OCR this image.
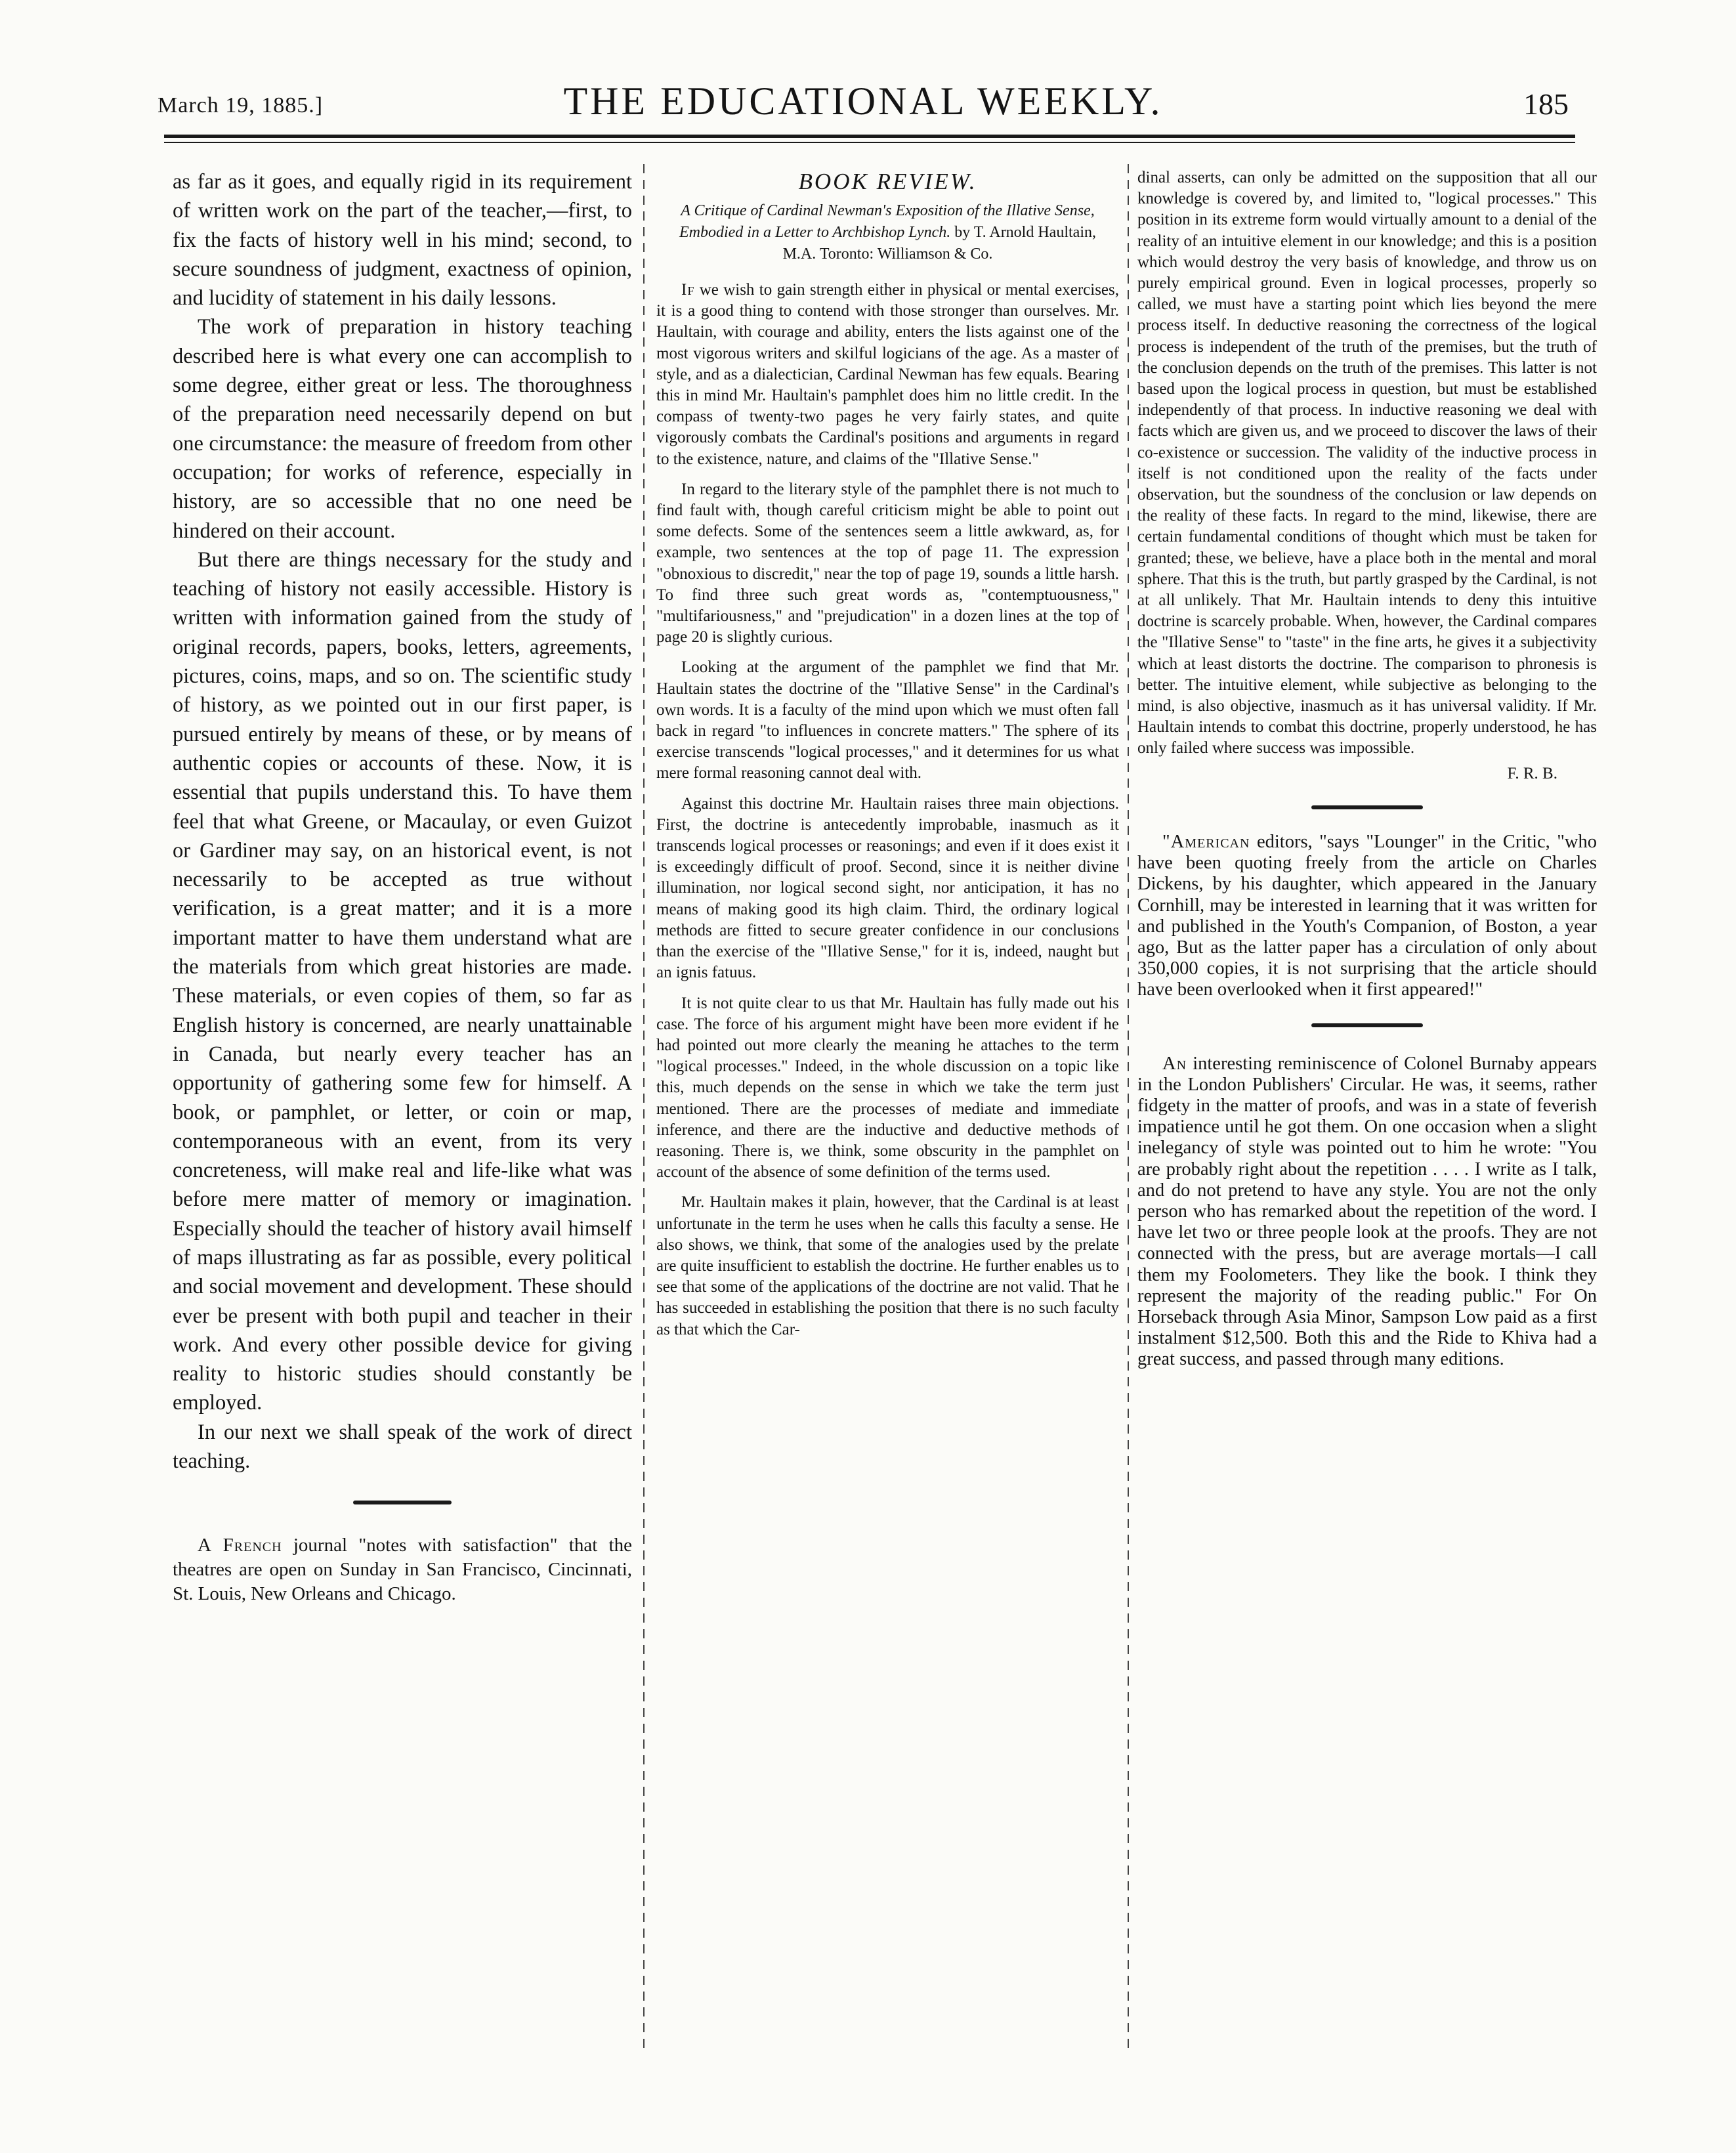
March 19, 1885.]	THE EDUCATIONAL WEEKLY.	185

as far as it goes, and equally rigid in its requirement of written work on the part of the teacher,—first, to fix the facts of history well in his mind; second, to secure soundness of judgment, exactness of opinion, and lucidity of statement in his daily lessons.

The work of preparation in history teaching described here is what every one can accomplish to some degree, either great or less. The thoroughness of the preparation need necessarily depend on but one circumstance: the measure of freedom from other occupation; for works of reference, especially in history, are so accessible that no one need be hindered on their account.

But there are things necessary for the study and teaching of history not easily accessible. History is written with information gained from the study of original records, papers, books, letters, agreements, pictures, coins, maps, and so on. The scientific study of history, as we pointed out in our first paper, is pursued entirely by means of these, or by means of authentic copies or accounts of these. Now, it is essential that pupils understand this. To have them feel that what Greene, or Macaulay, or even Guizot or Gardiner may say, on an historical event, is not necessarily to be accepted as true without verification, is a great matter; and it is a more important matter to have them understand what are the materials from which great histories are made. These materials, or even copies of them, so far as English history is concerned, are nearly unattainable in Canada, but nearly every teacher has an opportunity of gathering some few for himself. A book, or pamphlet, or letter, or coin or map, contemporaneous with an event, from its very concreteness, will make real and life-like what was before mere matter of memory or imagination. Especially should the teacher of history avail himself of maps illustrating as far as possible, every political and social movement and development. These should ever be present with both pupil and teacher in their work. And every other possible device for giving reality to historic studies should constantly be employed.

In our next we shall speak of the work of direct teaching.

A French journal "notes with satisfaction" that the theatres are open on Sunday in San Francisco, Cincinnati, St. Louis, New Orleans and Chicago.

BOOK REVIEW.
A Critique of Cardinal Newman's Exposition of the Illative Sense, Embodied in a Letter to Archbishop Lynch. by T. Arnold Haultain, M.A. Toronto: Williamson & Co.

If we wish to gain strength either in physical or mental exercises, it is a good thing to contend with those stronger than ourselves. Mr. Haultain, with courage and ability, enters the lists against one of the most vigorous writers and skilful logicians of the age. As a master of style, and as a dialectician, Cardinal Newman has few equals. Bearing this in mind Mr. Haultain's pamphlet does him no little credit. In the compass of twenty-two pages he very fairly states, and quite vigorously combats the Cardinal's positions and arguments in regard to the existence, nature, and claims of the "Illative Sense."

In regard to the literary style of the pamphlet there is not much to find fault with, though careful criticism might be able to point out some defects. Some of the sentences seem a little awkward, as, for example, two sentences at the top of page 11. The expression "obnoxious to discredit," near the top of page 19, sounds a little harsh. To find three such great words as, "contemptuousness," "multifariousness," and "prejudication" in a dozen lines at the top of page 20 is slightly curious.

Looking at the argument of the pamphlet we find that Mr. Haultain states the doctrine of the "Illative Sense" in the Cardinal's own words. It is a faculty of the mind upon which we must often fall back in regard "to influences in concrete matters." The sphere of its exercise transcends "logical processes," and it determines for us what mere formal reasoning cannot deal with.

Against this doctrine Mr. Haultain raises three main objections. First, the doctrine is antecedently improbable, inasmuch as it transcends logical processes or reasonings; and even if it does exist it is exceedingly difficult of proof. Second, since it is neither divine illumination, nor logical second sight, nor anticipation, it has no means of making good its high claim. Third, the ordinary logical methods are fitted to secure greater confidence in our conclusions than the exercise of the "Illative Sense," for it is, indeed, naught but an ignis fatuus.

It is not quite clear to us that Mr. Haultain has fully made out his case. The force of his argument might have been more evident if he had pointed out more clearly the meaning he attaches to the term "logical processes." Indeed, in the whole discussion on a topic like this, much depends on the sense in which we take the term just mentioned. There are the processes of mediate and immediate inference, and there are the inductive and deductive methods of reasoning. There is, we think, some obscurity in the pamphlet on account of the absence of some definition of the terms used.

Mr. Haultain makes it plain, however, that the Cardinal is at least unfortunate in the term he uses when he calls this faculty a sense. He also shows, we think, that some of the analogies used by the prelate are quite insufficient to establish the doctrine. He further enables us to see that some of the applications of the doctrine are not valid. That he has succeeded in establishing the position that there is no such faculty as that which the Car-

dinal asserts, can only be admitted on the supposition that all our knowledge is covered by, and limited to, "logical processes." This position in its extreme form would virtually amount to a denial of the reality of an intuitive element in our knowledge; and this is a position which would destroy the very basis of knowledge, and throw us on purely empirical ground. Even in logical processes, properly so called, we must have a starting point which lies beyond the mere process itself. In deductive reasoning the correctness of the logical process is independent of the truth of the premises, but the truth of the conclusion depends on the truth of the premises. This latter is not based upon the logical process in question, but must be established independently of that process. In inductive reasoning we deal with facts which are given us, and we proceed to discover the laws of their co-existence or succession. The validity of the inductive process in itself is not conditioned upon the reality of the facts under observation, but the soundness of the conclusion or law depends on the reality of these facts. In regard to the mind, likewise, there are certain fundamental conditions of thought which must be taken for granted; these, we believe, have a place both in the mental and moral sphere. That this is the truth, but partly grasped by the Cardinal, is not at all unlikely. That Mr. Haultain intends to deny this intuitive doctrine is scarcely probable. When, however, the Cardinal compares the "Illative Sense" to "taste" in the fine arts, he gives it a subjectivity which at least distorts the doctrine. The comparison to phronesis is better. The intuitive element, while subjective as belonging to the mind, is also objective, inasmuch as it has universal validity. If Mr. Haultain intends to combat this doctrine, properly understood, he has only failed where success was impossible.

F. R. B.

"American editors, "says "Lounger" in the Critic, "who have been quoting freely from the article on Charles Dickens, by his daughter, which appeared in the January Cornhill, may be interested in learning that it was written for and published in the Youth's Companion, of Boston, a year ago, But as the latter paper has a circulation of only about 350,000 copies, it is not surprising that the article should have been overlooked when it first appeared!"

An interesting reminiscence of Colonel Burnaby appears in the London Publishers' Circular. He was, it seems, rather fidgety in the matter of proofs, and was in a state of feverish impatience until he got them. On one occasion when a slight inelegancy of style was pointed out to him he wrote: "You are probably right about the repetition . . . . I write as I talk, and do not pretend to have any style. You are not the only person who has remarked about the repetition of the word. I have let two or three people look at the proofs. They are not connected with the press, but are average mortals—I call them my Foolometers. They like the book. I think they represent the majority of the reading public." For On Horseback through Asia Minor, Sampson Low paid as a first instalment $12,500. Both this and the Ride to Khiva had a great success, and passed through many editions.
